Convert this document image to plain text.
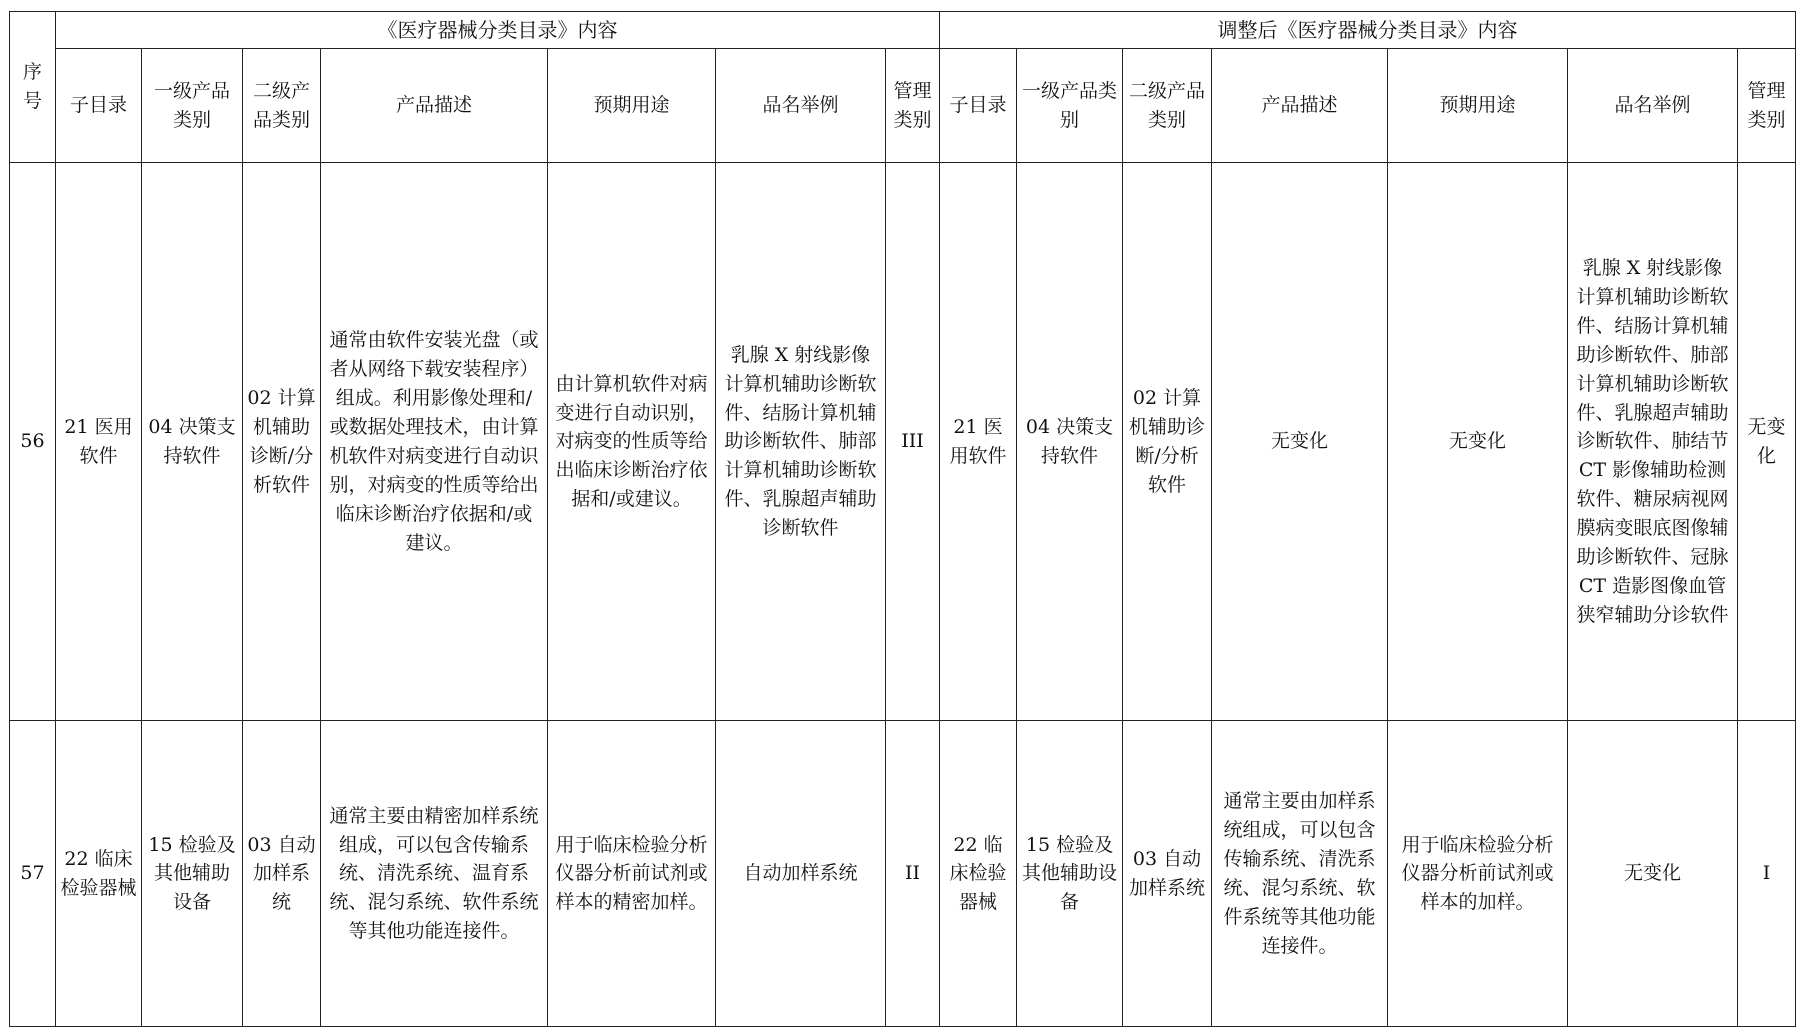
序号	《医疗器械分类目录》内容							调整后《医疗器械分类目录》内容						
	子目录	一级产品类别	二级产品类别	产品描述	预期用途	品名举例	管理类别	子目录	一级产品类别	二级产品类别	产品描述	预期用途	品名举例	管理类别
56	21 医用软件	04 决策支持软件	02 计算机辅助诊断/分析软件	通常由软件安装光盘（或者从网络下载安装程序）组成。利用影像处理和/或数据处理技术，由计算机软件对病变进行自动识别，对病变的性质等给出临床诊断治疗依据和/或建议。	由计算机软件对病变进行自动识别，对病变的性质等给出临床诊断治疗依据和/或建议。	乳腺 X 射线影像计算机辅助诊断软件、结肠计算机辅助诊断软件、肺部计算机辅助诊断软件、乳腺超声辅助诊断软件	III	21 医用软件	04 决策支持软件	02 计算机辅助诊断/分析软件	无变化	无变化	乳腺 X 射线影像计算机辅助诊断软件、结肠计算机辅助诊断软件、肺部计算机辅助诊断软件、乳腺超声辅助诊断软件、肺结节 CT 影像辅助检测软件、糖尿病视网膜病变眼底图像辅助诊断软件、冠脉 CT 造影图像血管狭窄辅助分诊软件	无变化
57	22 临床检验器械	15 检验及其他辅助设备	03 自动加样系统	通常主要由精密加样系统组成，可以包含传输系统、清洗系统、温育系统、混匀系统、软件系统等其他功能连接件。	用于临床检验分析仪器分析前试剂或样本的精密加样。	自动加样系统	II	22 临床检验器械	15 检验及其他辅助设备	03 自动加样系统	通常主要由加样系统组成，可以包含传输系统、清洗系统、混匀系统、软件系统等其他功能连接件。	用于临床检验分析仪器分析前试剂或样本的加样。	无变化	I
